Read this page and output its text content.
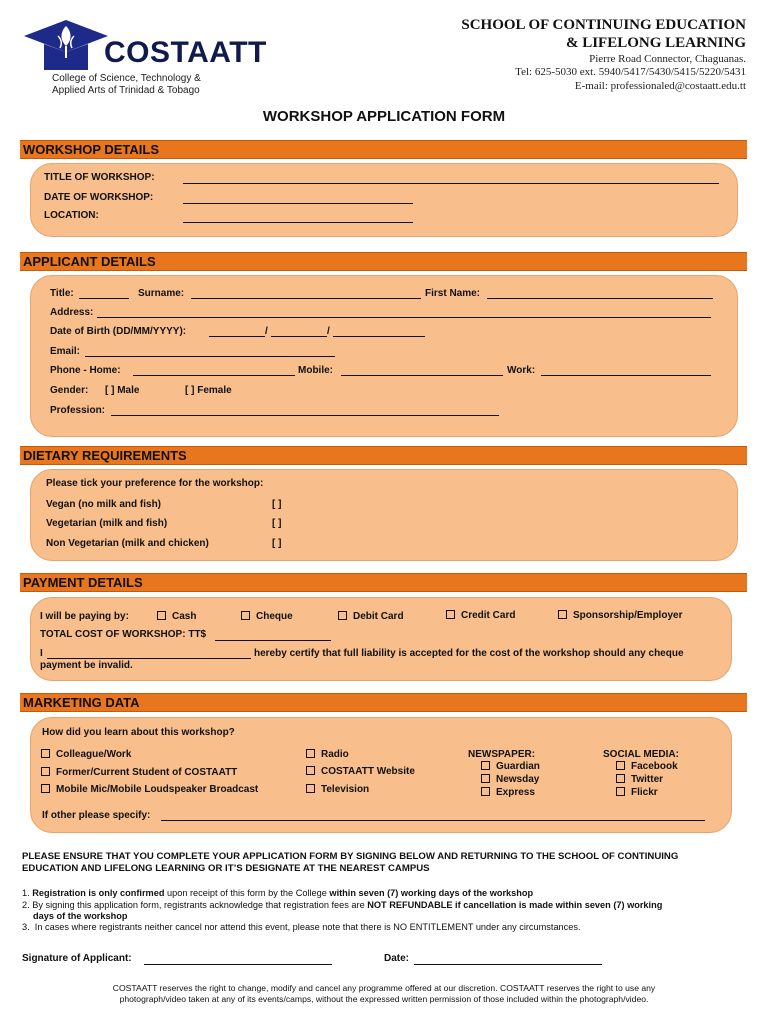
COSTAATT
College of Science, Technology &
Applied Arts of Trinidad & Tobago
SCHOOL OF CONTINUING EDUCATION
& LIFELONG LEARNING
Pierre Road Connector, Chaguanas.
Tel: 625-5030 ext. 5940/5417/5430/5415/5220/5431
E-mail: professionaled@costaatt.edu.tt
WORKSHOP APPLICATION FORM
WORKSHOP DETAILS
TITLE OF WORKSHOP:
DATE OF WORKSHOP:
LOCATION:
APPLICANT DETAILS
Title:	Surname:	First Name:
Address:
Date of Birth (DD/MM/YYYY):	/	/
Email:
Phone - Home:	Mobile:	Work:
Gender: [ ] Male	[ ] Female
Profession:
DIETARY REQUIREMENTS
Please tick your preference for the workshop:
Vegan (no milk and fish)	[ ]
Vegetarian (milk and fish)	[ ]
Non Vegetarian (milk and chicken)	[ ]
PAYMENT DETAILS
I will be paying by:	Cash	Cheque	Debit Card	Credit Card	Sponsorship/Employer
TOTAL COST OF WORKSHOP: TT$
I	hereby certify that full liability is accepted for the cost of the workshop should any cheque
payment be invalid.
MARKETING DATA
How did you learn about this workshop?
Colleague/Work
Former/Current Student of COSTAATT
Mobile Mic/Mobile Loudspeaker Broadcast
Radio
COSTAATT Website
Television
NEWSPAPER:
Guardian
Newsday
Express
SOCIAL MEDIA:
Facebook
Twitter
Flickr
If other please specify:
PLEASE ENSURE THAT YOU COMPLETE YOUR APPLICATION FORM BY SIGNING BELOW AND RETURNING TO THE SCHOOL OF CONTINUING
EDUCATION AND LIFELONG LEARNING OR IT’S DESIGNATE AT THE NEAREST CAMPUS
1. Registration is only confirmed upon receipt of this form by the College within seven (7) working days of the workshop
2. By signing this application form, registrants acknowledge that registration fees are NOT REFUNDABLE if cancellation is made within seven (7) working
days of the workshop
3. In cases where registrants neither cancel nor attend this event, please note that there is NO ENTITLEMENT under any circumstances.
Signature of Applicant:	Date:
COSTAATT reserves the right to change, modify and cancel any programme offered at our discretion. COSTAATT reserves the right to use any
photograph/video taken at any of its events/camps, without the expressed written permission of those included within the photograph/video.
